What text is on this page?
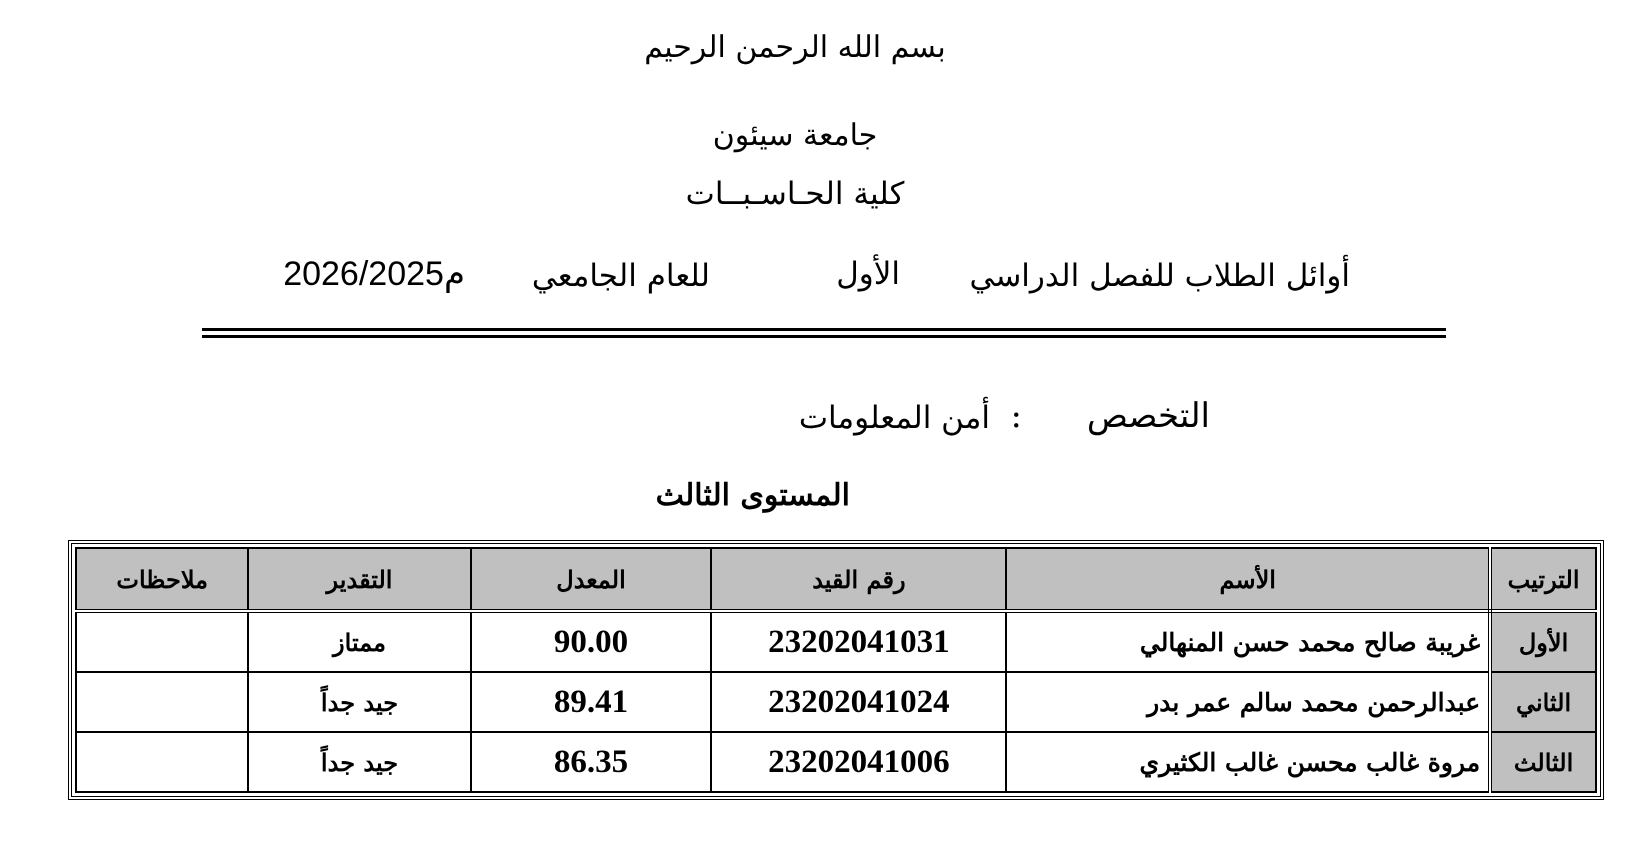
بسم الله الرحمن الرحيم
جامعة سيئون
كلية الحـاسـبــات
أوائل الطلاب للفصل الدراسي
الأول
للعام الجامعي
2026/2025م
التخصص
:
أمن المعلومات
المستوى الثالث
الترتيب	الأسم	رقم القيد	المعدل	التقدير	ملاحظات
الأول	غريبة صالح محمد حسن المنهالي	23202041031	90.00	ممتاز	
الثاني	عبدالرحمن محمد سالم عمر بدر	23202041024	89.41	جيد جداً	
الثالث	مروة غالب محسن غالب الكثيري	23202041006	86.35	جيد جداً	
